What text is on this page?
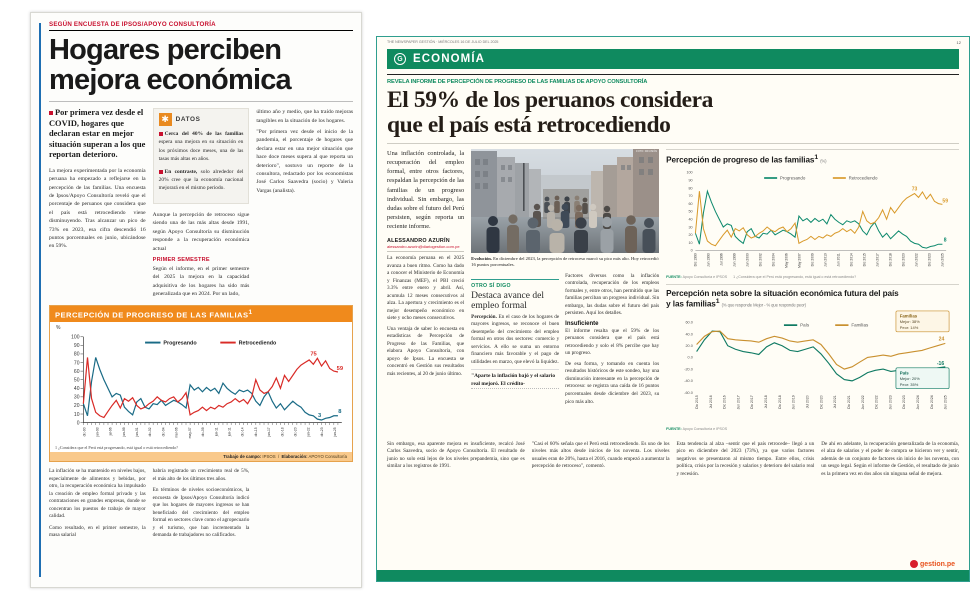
SEGÚN ENCUESTA DE IPSOS/APOYO CONSULTORÍA
Hogares perciben
mejora económica
Por primera vez desde el COVID, hogares que declaran estar en mejor situación superan a los que reportan deterioro.
La mejora experimentada por la economía peruana ha empezado a reflejarse en la percepción de las familias. Una encuesta de Ipsos/Apoyo Consultoría reveló que el porcentaje de peruanos que considera que el país está retrocediendo viene disminuyendo. Tras alcanzar un pico de 73% en 2023, esa cifra descendió 16 puntos porcentuales en junio, ubicándose en 59%.
✱	DATOS
Cerca del 40% de las familias espera una mejora en su situación en los próximos doce meses, una de las tasas más altas en años.
En contraste, solo alrededor del 20% cree que la economía nacional mejorará en el mismo periodo.
Aunque la percepción de retroceso sigue siendo una de las más altas desde 1991, según Apoyo Consultoría su disminución responde a la recuperación económica actual
PRIMER SEMESTRE
Según el informe, en el primer semestre del 2025 la mejora en la capacidad adquisitiva de los hogares ha sido más generalizada que en 2024. Por un lado,
último año y medio, que ha traído mejoras tangibles en la situación de los hogares.
"Por primera vez desde el inicio de la pandemia, el porcentaje de hogares que declara estar en una mejor situación que hace doce meses supera al que reporta un deterioro", sostuvo un reporte de la consultora, redactado por los economistas José Carlos Saavedra (socio) y Valeria Vargas (analista).
PERCEPCIÓN DE PROGRESO DE LAS FAMILIAS$^1$
%
0
10
20
30
40
50
60
70
80
90
100
Progresando	Retrocediendo
75
59
3
8
dic-90	jun-93	jul-96	jun-99	jun-01	dic-02	dic-04	mar-06	may-07	dic-09	jun-11	jun-11	dic-14	dic-15	jun-17	dic-18	dic-20	jun-22	dic-23	jun-25
1 ¿Considera que el Perú está progresando, está igual o está retrocediendo?
Trabajo de campo: IPSOS  /  Elaboración: APOYO Consultoría
La inflación se ha mantenido en niveles bajos, especialmente de alimentos y bebidas, por otro, la recuperación económica ha impulsado la creación de empleo formal privado y las contrataciones en grandes empresas, donde se concentran los puestos de trabajo de mayor calidad.
Como resultado, en el primer semestre, la masa salarial
habría registrado un crecimiento real de 5%, el más alto de los últimos tres años.
En términos de niveles socioeconómicos, la encuesta de Ipsos/Apoyo Consultoría indicó que los hogares de mayores ingresos se han beneficiado del crecimiento del empleo formal en sectores clave como el agropecuario y el turismo, que han incrementado la demanda de trabajadores no calificados.
THE NEWSPAPER GESTIÓN · MIÉRCOLES 16 DE JULIO DEL 2025	12
G ECONOMÍA
REVELA INFORME DE PERCEPCIÓN DE PROGRESO DE LAS FAMILIAS DE APOYO CONSULTORÍA
El 59% de los peruanos considera
que el país está retrocediendo
Una inflación controlada, la recuperación del empleo formal, entre otros factores, respaldan la percepción de las familias de un progreso individual. Sin embargo, las dudas sobre el futuro del Perú persisten, según reporta un reciente informe.
ALESSANDRO AZURÍN
alessandro.azurin@diariogestion.com.pe
La economía peruana en el 2025 avanza a buen ritmo. Como ha dado a conocer el Ministerio de Economía y Finanzas (MEF), el PBI creció 3.3% entre enero y abril. Así, acumula 12 meses consecutivos al alza. La apertura y crecimiento es el mejor desempeño económico en siete y ocho meses consecutivos.
Una ventaja de saber lo encuesta en estadísticas de Percepción de Progreso de las Familias, que elabora Apoyo Consultoría, con apoyo de Ipsos. La encuesta se concentró en Gestión sus resultados más recientes, al 20 de junio último.
FOTO: DIFUSIÓN
Evolución. En diciembre del 2023, la percepción de retroceso marcó su pico más alto. Hoy retrocedió 16 puntos porcentuales.
OTRO SÍ DIGO
Destaca avance del empleo formal
Percepción. En el caso de los hogares de mayores ingresos, se reconoce el buen desempeño del crecimiento del empleo formal en otros dos sectores: comercio y servicios. A ello se suma un entorno financiero más favorable y el pago de utilidades en marzo, que elevó la liquidez.
"Aparte la inflación bajó y el salario real mejoró. El crédito-
Factores diversos como la inflación controlada, recuperación de los empleos formales y, entre otros, han permitido que las familias perciban un progreso individual. Sin embargo, las dudas sobre el futuro del país persisten. Aquí los detalles.
Insuficiente
El informe resalta que el 59% de los peruanos considera que el país está retrocediendo y solo el 8% percibe que hay un progreso.
De esa forma, y tomando en cuenta los resultados históricos de este sondeo, hay una disminución interesante en la percepción de retroceso: se registra una caída de 16 puntos porcentuales desde diciembre del 2023, su pico más alto.
Percepción de progreso de las familias$^1$ (%)
0
10
20
30
40
50
60
70
80
90
100
Progresando	Retrocediendo
73
59
8
Dic 1990	Jun 1993	Jul 1996	Jun 1999	Jun 2000	Dic 2002	Dic 2004	May 2006	May 2007	Dic 2009	Jun 2010	Jun 2011	Dic 2014	Dic 2015	Jun 2017	Dic 2018	Dic 2020	Jun 2022	Dic 2023 Jun 2025
FUENTE: Apoyo Consultoría e IPSOS 1 ¿Considera que el Perú está progresando, está igual o está retrocediendo?
Percepción neta sobre la situación económica futura del país
y las familias$^1$ (% que responde Mejor - % que responde peor)
60.0
40.0
20.0
0.0
-20.0
-40.0
-60.0
País	Familias
24
-16
Dic 2015	Jul 2016	Dic 2016	Jun 2017	Dic 2017	Jul 2018	Dic 2018	Jun 2019	Jul 2020	Dic 2020	Jul 2021	Dic 2021	Jun 2022	Dic 2022	Jun 2023	Dic 2023	Jun 2024	Dic 2024	Jun 2025
Familias
Mejor: 38%
Peor: 14%
País
Mejor: 20%
Peor: 35%
FUENTE: Apoyo Consultoría e IPSOS
Sin embargo, esa aparente mejora es insuficiente, recalcó José Carlos Saavedra, socio de Apoyo Consultoría. El resultado de junio no solo está lejos de los niveles prepandemia, sino que es similar a los registros de 1991.
"Casi el 60% señala que el Perú está retrocediendo. Es uno de los niveles más altos desde inicios de los noventa. Los niveles usuales eran de 20%, hasta el 2016, cuando empezó a aumentar la percepción de retroceso", comentó.
Esta tendencia al alza –sentir que el país retrocede– llegó a un pico en diciembre del 2023 (73%), ya que varios factores negativos se presentaron al mismo tiempo. Entre ellos, crisis política, crisis por la recesión y salarios y deterioro del salario real y recesión.
De ahí en adelante, la recuperación generalizada de la economía, el alza de salarios y el poder de compra se hicieron ver y sentir, además de un conjunto de factores sin inicio de los noventa, con un sesgo legal. Según el informe de Gestión, el resultado de junio es la primera vez en dos años sin ninguna señal de mejora.
gestion.pe
